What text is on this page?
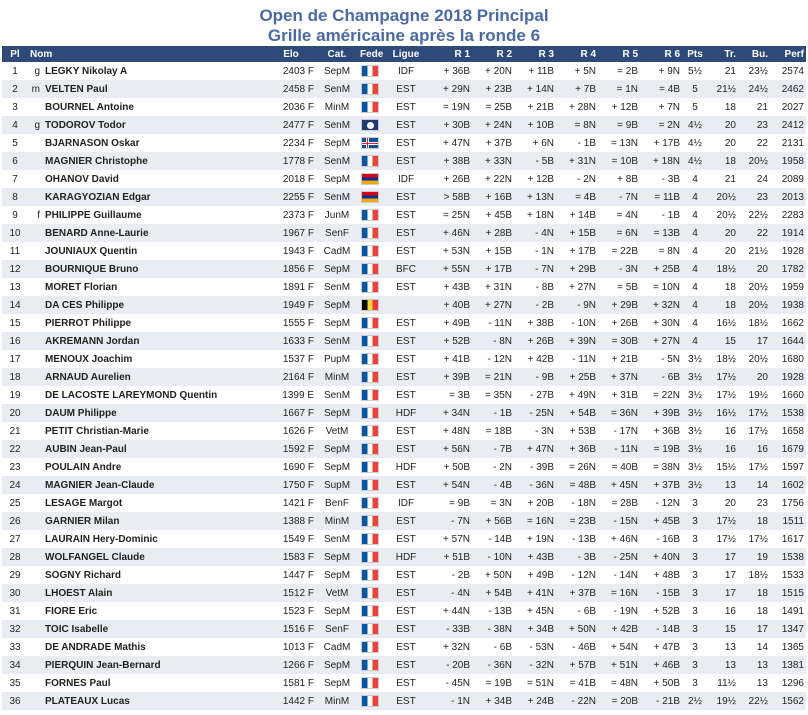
Open de Champagne 2018 Principal
Grille américaine après la ronde 6
Pl	Nom	Elo	Cat.	Fede	Ligue	R 1	R 2	R 3	R 4	R 5	R 6	Pts	Tr.	Bu.	Perf
1	g LEGKY Nikolay A	2403 F	SepM		IDF	+ 36B	+ 20N	+ 11B	+ 5N	= 2B	+ 9N	5½	21	23½	2574
2	m VELTEN Paul	2458 F	SenM		EST	+ 29N	+ 23B	+ 14N	+ 7B	= 1N	= 4B	5	21½	24½	2462
3	BOURNEL Antoine	2036 F	MinM		EST	= 19N	= 25B	+ 21B	+ 28N	+ 12B	+ 7N	5	18	21	2027
4	g TODOROV Todor	2477 F	SenM		EST	+ 30B	+ 24N	+ 10B	= 8N	= 9B	= 2N	4½	20	23	2412
5	BJARNASON Oskar	2234 F	SepM		EST	+ 47N	+ 37B	+ 6N	- 1B	= 13N	+ 17B	4½	20	22	2131
6	MAGNIER Christophe	1778 F	SenM		EST	+ 38B	+ 33N	- 5B	+ 31N	= 10B	+ 18N	4½	18	20½	1958
7	OHANOV David	2018 F	SepM		IDF	+ 26B	+ 22N	+ 12B	- 2N	+ 8B	- 3B	4	21	24	2089
8	KARAGYOZIAN Edgar	2255 F	SenM		EST	> 58B	+ 16B	+ 13N	= 4B	- 7N	= 11B	4	20½	23	2013
9	f PHILIPPE Guillaume	2373 F	JunM		EST	= 25N	+ 45B	+ 18N	+ 14B	= 4N	- 1B	4	20½	22½	2283
10	BENARD Anne-Laurie	1967 F	SenF		EST	+ 46N	+ 28B	- 4N	+ 15B	= 6N	= 13B	4	20	22	1914
11	JOUNIAUX Quentin	1943 F	CadM		EST	+ 53N	+ 15B	- 1N	+ 17B	= 22B	= 8N	4	20	21½	1928
12	BOURNIQUE Bruno	1856 F	SepM		BFC	+ 55N	+ 17B	- 7N	+ 29B	- 3N	+ 25B	4	18½	20	1782
13	MORET Florian	1891 F	SenM		EST	+ 43B	+ 31N	- 8B	+ 27N	= 5B	= 10N	4	18	20½	1959
14	DA CES Philippe	1949 F	SepM			+ 40B	+ 27N	- 2B	- 9N	+ 29B	+ 32N	4	18	20½	1938
15	PIERROT Philippe	1555 F	SepM		EST	+ 49B	- 11N	+ 38B	- 10N	+ 26B	+ 30N	4	16½	18½	1662
16	AKREMANN Jordan	1633 F	SenM		EST	+ 52B	- 8N	+ 26B	+ 39N	= 30B	+ 27N	4	15	17	1644
17	MENOUX Joachim	1537 F	PupM		EST	+ 41B	- 12N	+ 42B	- 11N	+ 21B	- 5N	3½	18½	20½	1680
18	ARNAUD Aurelien	2164 F	MinM		EST	+ 39B	= 21N	- 9B	+ 25B	+ 37N	- 6B	3½	17½	20	1928
19	DE LACOSTE LAREYMOND Quentin	1399 E	SenM		EST	= 3B	= 35N	- 27B	+ 49N	+ 31B	= 22N	3½	17½	19½	1660
20	DAUM Philippe	1667 F	SepM		HDF	+ 34N	- 1B	- 25N	+ 54B	= 36N	+ 39B	3½	16½	17½	1538
21	PETIT Christian-Marie	1626 F	VetM		EST	+ 48N	= 18B	- 3N	+ 53B	- 17N	+ 36B	3½	16	17½	1658
22	AUBIN Jean-Paul	1592 F	SepM		EST	+ 56N	- 7B	+ 47N	+ 36B	- 11N	= 19B	3½	16	16	1679
23	POULAIN Andre	1690 F	SepM		HDF	+ 50B	- 2N	- 39B	= 26N	= 40B	= 38N	3½	15½	17½	1597
24	MAGNIER Jean-Claude	1750 F	SupM		EST	+ 54N	- 4B	- 36N	= 48B	+ 45N	+ 37B	3½	13	14	1602
25	LESAGE Margot	1421 F	BenF		IDF	= 9B	= 3N	+ 20B	- 18N	= 28B	- 12N	3	20	23	1756
26	GARNIER Milan	1388 F	MinM		EST	- 7N	+ 56B	= 16N	= 23B	- 15N	+ 45B	3	17½	18	1511
27	LAURAIN Hery-Dominic	1549 F	SenM		EST	+ 57N	- 14B	+ 19N	- 13B	+ 46N	- 16B	3	17½	17½	1617
28	WOLFANGEL Claude	1583 F	SepM		HDF	+ 51B	- 10N	+ 43B	- 3B	- 25N	+ 40N	3	17	19	1538
29	SOGNY Richard	1447 F	SepM		EST	- 2B	+ 50N	+ 49B	- 12N	- 14N	+ 48B	3	17	18½	1533
30	LHOEST Alain	1512 F	VetM		EST	- 4N	+ 54B	+ 41N	+ 37B	= 16N	- 15B	3	17	18	1515
31	FIORE Eric	1523 F	SepM		EST	+ 44N	- 13B	+ 45N	- 6B	- 19N	+ 52B	3	16	18	1491
32	TOIC Isabelle	1516 F	SenF		EST	- 33B	- 38N	+ 34B	+ 50N	+ 42B	- 14B	3	15	17	1347
33	DE ANDRADE Mathis	1013 F	CadM		EST	+ 32N	- 6B	- 53N	- 46B	+ 54N	+ 47B	3	13	14	1365
34	PIERQUIN Jean-Bernard	1266 F	SepM		EST	- 20B	- 36N	- 32N	+ 57B	+ 51N	+ 46B	3	13	13	1381
35	FORNES Paul	1581 F	SepM		EST	- 45N	= 19B	= 51N	= 41B	= 48N	+ 50B	3	11½	13	1296
36	PLATEAUX Lucas	1442 F	MinM		EST	- 1N	+ 34B	+ 24B	- 22N	= 20B	- 21B	2½	19½	22½	1562
